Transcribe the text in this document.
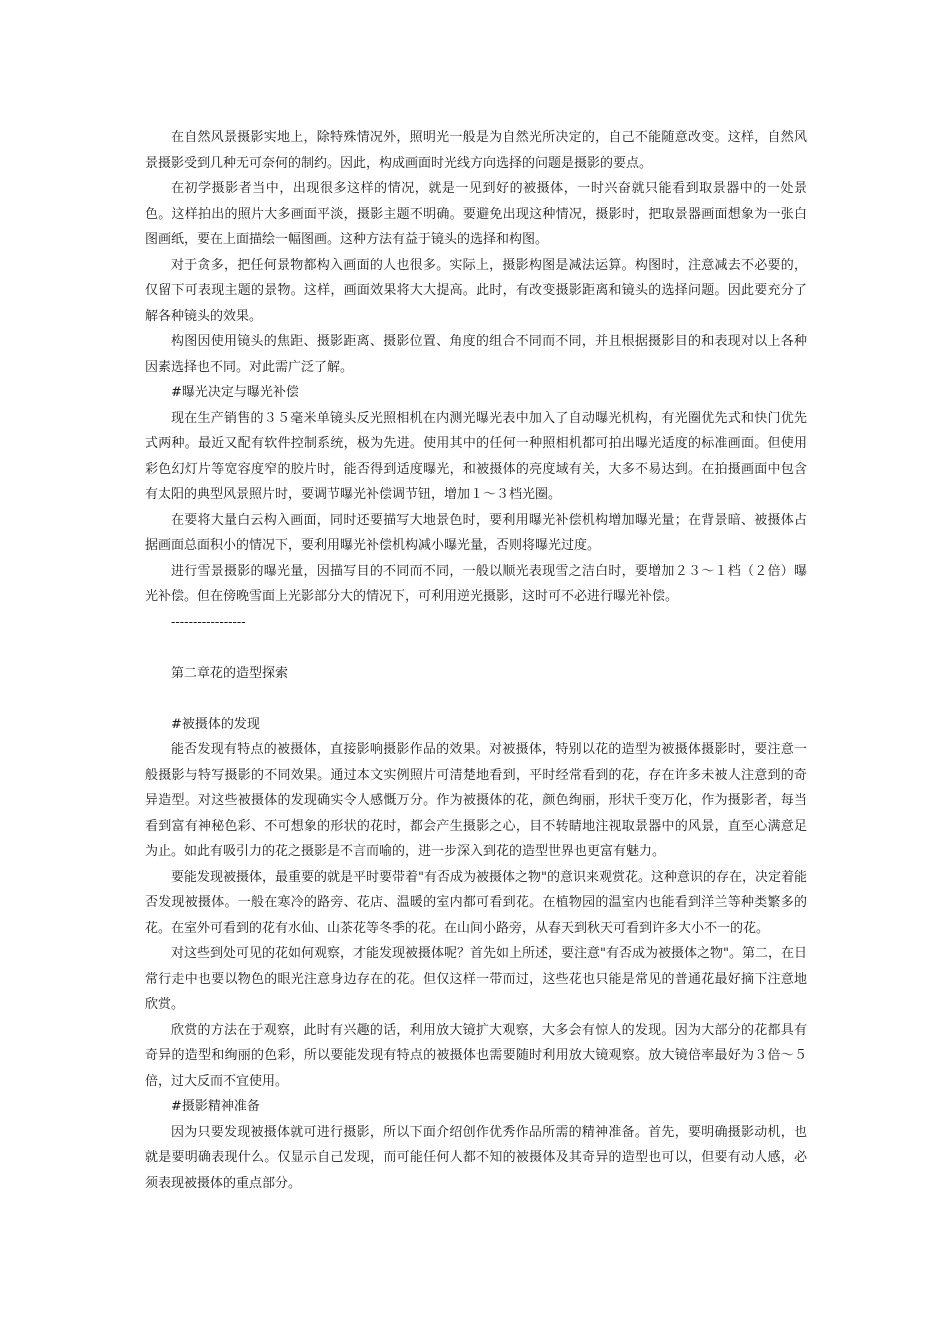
在自然风景摄影实地上，除特殊情况外，照明光一般是为自然光所决定的，自己不能随意改变。这样，自然风景摄影受到几种无可奈何的制约。因此，构成画面时光线方向选择的问题是摄影的要点。

在初学摄影者当中，出现很多这样的情况，就是一见到好的被摄体，一时兴奋就只能看到取景器中的一处景色。这样拍出的照片大多画面平淡，摄影主题不明确。要避免出现这种情况，摄影时，把取景器画面想象为一张白图画纸，要在上面描绘一幅图画。这种方法有益于镜头的选择和构图。

对于贪多，把任何景物都构入画面的人也很多。实际上，摄影构图是减法运算。构图时，注意减去不必要的，仅留下可表现主题的景物。这样，画面效果将大大提高。此时，有改变摄影距离和镜头的选择问题。因此要充分了解各种镜头的效果。

构图因使用镜头的焦距、摄影距离、摄影位置、角度的组合不同而不同，并且根据摄影目的和表现对以上各种因素选择也不同。对此需广泛了解。

#曝光决定与曝光补偿

现在生产销售的３５毫米单镜头反光照相机在内测光曝光表中加入了自动曝光机构，有光圈优先式和快门优先式两种。最近又配有软件控制系统，极为先进。使用其中的任何一种照相机都可拍出曝光适度的标准画面。但使用彩色幻灯片等宽容度窄的胶片时，能否得到适度曝光，和被摄体的亮度域有关，大多不易达到。在拍摄画面中包含有太阳的典型风景照片时，要调节曝光补偿调节钮，增加１～３档光圈。

在要将大量白云构入画面，同时还要描写大地景色时，要利用曝光补偿机构增加曝光量；在背景暗、被摄体占据画面总面积小的情况下，要利用曝光补偿机构减小曝光量，否则将曝光过度。

进行雪景摄影的曝光量，因描写目的不同而不同，一般以顺光表现雪之洁白时，要增加２３～１档（２倍）曝光补偿。但在傍晚雪面上光影部分大的情况下，可利用逆光摄影，这时可不必进行曝光补偿。

-----------------

第二章花的造型探索

#被摄体的发现

能否发现有特点的被摄体，直接影响摄影作品的效果。对被摄体，特别以花的造型为被摄体摄影时，要注意一般摄影与特写摄影的不同效果。通过本文实例照片可清楚地看到，平时经常看到的花，存在许多未被人注意到的奇异造型。对这些被摄体的发现确实令人感慨万分。作为被摄体的花，颜色绚丽，形状千变万化，作为摄影者，每当看到富有神秘色彩、不可想象的形状的花时，都会产生摄影之心，目不转睛地注视取景器中的风景，直至心满意足为止。如此有吸引力的花之摄影是不言而喻的，进一步深入到花的造型世界也更富有魅力。

要能发现被摄体，最重要的就是平时要带着"有否成为被摄体之物"的意识来观赏花。这种意识的存在，决定着能否发现被摄体。一般在寒冷的路旁、花店、温暖的室内都可看到花。在植物园的温室内也能看到洋兰等种类繁多的花。在室外可看到的花有水仙、山茶花等冬季的花。在山间小路旁，从春天到秋天可看到许多大小不一的花。

对这些到处可见的花如何观察，才能发现被摄体呢？首先如上所述，要注意"有否成为被摄体之物"。第二，在日常行走中也要以物色的眼光注意身边存在的花。但仅这样一带而过，这些花也只能是常见的普通花最好摘下注意地欣赏。

欣赏的方法在于观察，此时有兴趣的话，利用放大镜扩大观察，大多会有惊人的发现。因为大部分的花都具有奇异的造型和绚丽的色彩，所以要能发现有特点的被摄体也需要随时利用放大镜观察。放大镜倍率最好为３倍～５倍，过大反而不宜使用。

#摄影精神准备

因为只要发现被摄体就可进行摄影，所以下面介绍创作优秀作品所需的精神准备。首先，要明确摄影动机，也就是要明确表现什么。仅显示自己发现，而可能任何人都不知的被摄体及其奇异的造型也可以，但要有动人感，必须表现被摄体的重点部分。
